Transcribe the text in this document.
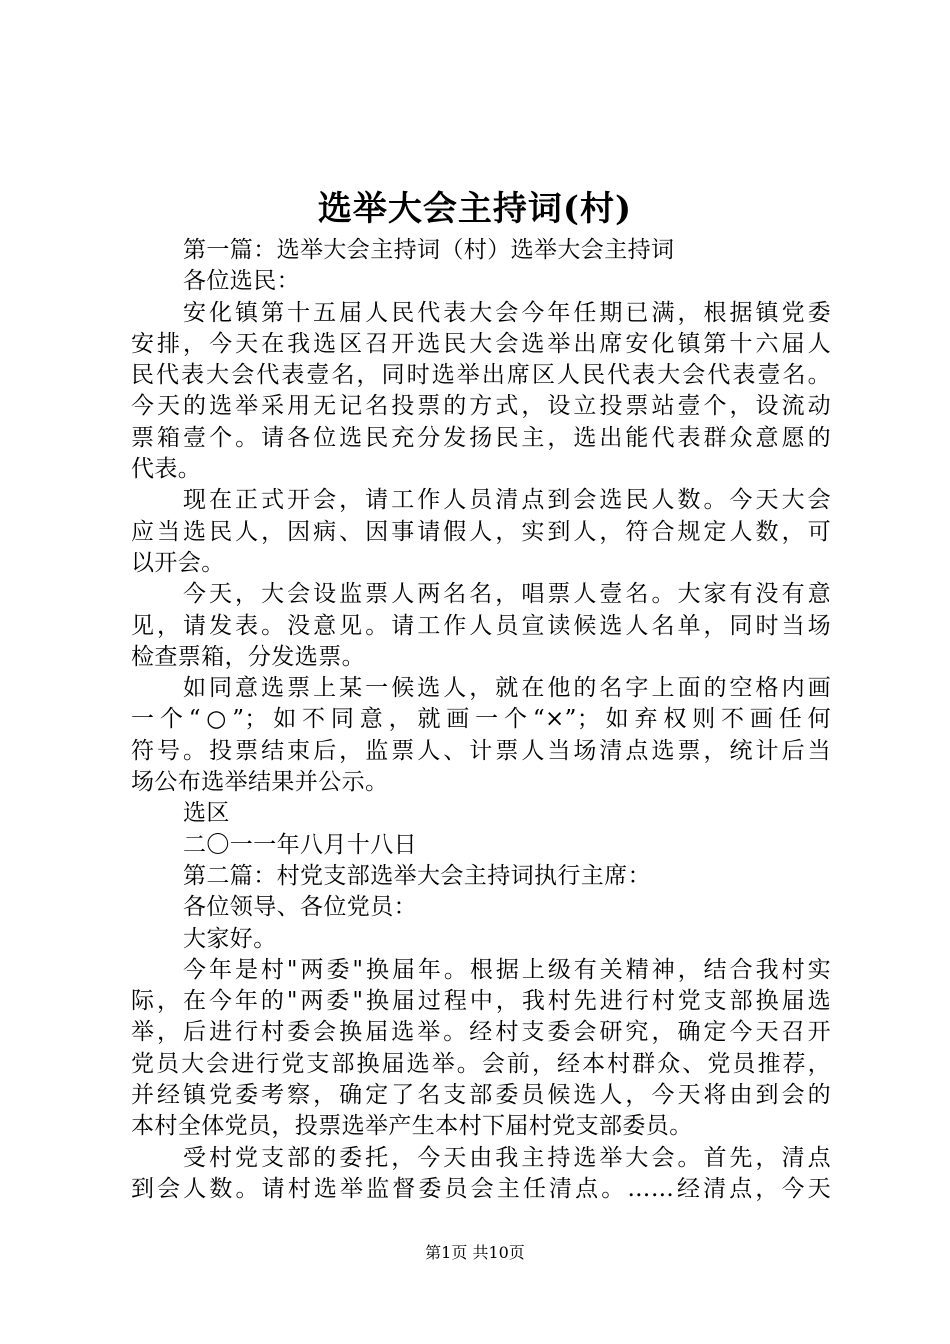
选举大会主持词(村)
第一篇：选举大会主持词（村）选举大会主持词
各位选民：
安化镇第十五届人民代表大会今年任期已满，根据镇党委
安排，今天在我选区召开选民大会选举出席安化镇第十六届人
民代表大会代表壹名，同时选举出席区人民代表大会代表壹名。
今天的选举采用无记名投票的方式，设立投票站壹个，设流动
票箱壹个。请各位选民充分发扬民主，选出能代表群众意愿的
代表。
现在正式开会，请工作人员清点到会选民人数。今天大会
应当选民人，因病、因事请假人，实到人，符合规定人数，可
以开会。
今天，大会设监票人两名名，唱票人壹名。大家有没有意
见，请发表。没意见。请工作人员宣读候选人名单，同时当场
检查票箱，分发选票。
如同意选票上某一候选人，就在他的名字上面的空格内画
一个“○”；如不同意，就画一个“×”；如弃权则不画任何
符号。投票结束后，监票人、计票人当场清点选票，统计后当
场公布选举结果并公示。
选区
二〇一一年八月十八日
第二篇：村党支部选举大会主持词执行主席：
各位领导、各位党员：
大家好。
今年是村"两委"换届年。根据上级有关精神，结合我村实
际，在今年的"两委"换届过程中，我村先进行村党支部换届选
举，后进行村委会换届选举。经村支委会研究，确定今天召开
党员大会进行党支部换届选举。会前，经本村群众、党员推荐，
并经镇党委考察，确定了名支部委员候选人，今天将由到会的
本村全体党员，投票选举产生本村下届村党支部委员。
受村党支部的委托，今天由我主持选举大会。首先，清点
到会人数。请村选举监督委员会主任清点。……经清点，今天
第1页 共10页
